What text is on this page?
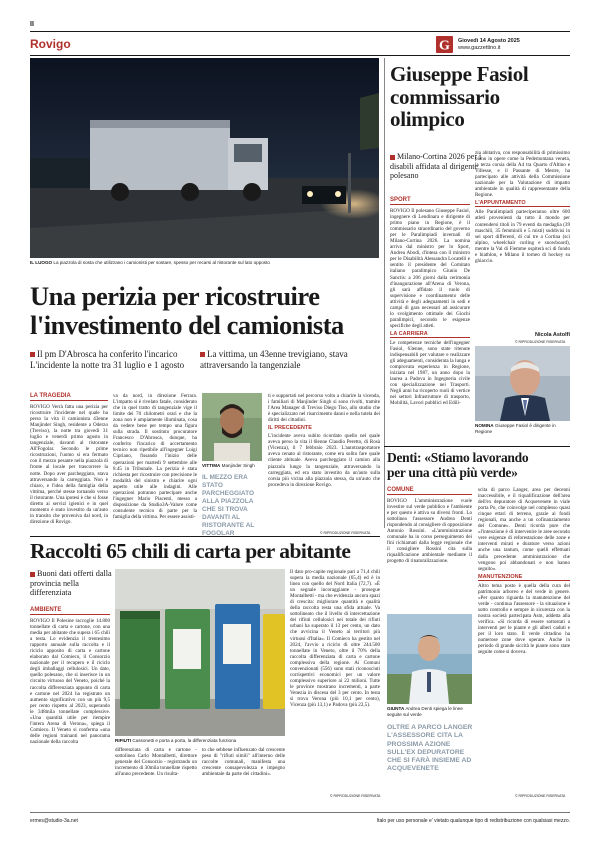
II
Rovigo	G Giovedì 14 Agosto 2025
www.gazzettino.it
IL LUOGO La piazzola di sosta che utilizzano i camionisti per sostare, spesso per recarsi al ristorante sul lato opposto
Una perizia per ricostruire
l'investimento del camionista
Il pm D'Abrosca ha conferito l'incarico L'incidente la notte tra 31 luglio e 1 agosto
La vittima, un 43enne trevigiano, stava attraversando la tangenziale
LA TRAGEDIA
ROVIGO Verrà fatta una perizia per ricostruire l'incidente nel quale ha perso la vita il camionista 43enne Manjinder Singh, residente a Oderzo (Treviso), la notte tra giovedì 31 luglio e venerdì primo agosto in tangenziale, davanti al ristorante All'Fogolar. Secondo le prime ricostruzioni, l'uomo si era fermato con il mezzo pesante nella piazzola di fronte al locale per trascorrere la notte. Dopo aver parcheggiato, stava attraversando la carreggiata. Non è chiaro, e l'idea della famiglia della vittima, perché stesse tornando verso il ristorante. Una ipotesi è che si fosse diretto ai servizi igienici e in quel momento è stato investito da un'auto in transito che proveniva dal nord, in direzione di Rovigo.
va da nord, in direzione Ferrara. L'impatto si è rivelato fatale, considerato che in quel tratto di tangenziale vige il limite dei 70 chilometri orari e che la zona non è ampiamente illuminata, cosa da vedere bene per tempo una figura sulla strada. Il sostituto procuratore Francesco D'Abrosca, dunque, ha conferito l'incarico di accertamento tecnico non ripetibile all'ingegner Luigi Cipriano, fissando l'inizio delle operazioni per martedì 9 settembre alle 8.45 in Tribunale. La perizia è stata richiesta per ricostruire con precisione le modalità del sinistro e chiarire ogni aspetto utile alle indagini. Alle operazioni potranno partecipare anche l'ingegner Mario Piacenti, messo a disposizione da Studio3A-Valore come consulente tecnico di parte per la famiglia della vittima. Per essere assisti-
VITTIMA Manjinder Singh
IL MEZZO ERA STATO PARCHEGGIATO ALLA PIAZZOLA CHE SI TROVA DAVANTI AL RISTORANTE AL FOGOLAR

ti e supportati nel percorso volto a chiarire la vicenda, i familiari di Manjinder Singh si sono rivolti, tramite l'Area Manager di Treviso Diego Tiso, allo studio che è specializzato nel risarcimento danni e nella tutela dei diritti dei cittadini.

IL PRECEDENTE

L'incidente aveva subito ricordato quello nel quale aveva perso la vita il 6lenne Claudio Peretto, di Rosà (Vicenza), il 7 febbraio 2023. L'autotrasportatore aveva cenato al ristorante, come era solito fare quale cliente abituale. Aveva parcheggiato il camion alla piazzola lungo la tangenziale, attraversando la carreggiata, ed era stato investito da un'auto sulla corsia più vicina alla piazzola stessa, da un'auto che procedeva in direzione Rovigo.

© RIPRODUZIONE RISERVATA
Giuseppe Fasiol
commissario
olimpico
Milano-Cortina 2026 per i disabili affidata al dirigente polesano
SPORT

ROVIGO Il polesano Giuseppe Fasiol, ingegnere di Lendinara e dirigente di primo piano in Regione, è il commissario straordinario del governo per le Paralimpiadi invernali di Milano-Cortina 2026. La nomina arriva dal ministro per lo Sport, Andrea Abodi, d'intesa con il ministro per le Disabilità Alessandra Locatelli e sentito il presidente del Comitato italiano paralimpico Giunio De Sanctis: a 206 giorni dalla cerimonia d'inaugurazione all'Arena di Verona, gli sarà affidato il ruolo di supervisione e coordinamento delle attività e degli adeguamenti in sedi e campi di gara necessari ad assicurare lo svolgimento ottimale dei Giochi paralimpici, secondo le esigenze specifiche degli atleti.

LA CARRIERA

Le competenze tecniche dell'ingegner Fasiol, 63enne, sono state ritenute indispensabili per valutare e realizzare gli adeguamenti, considerata la lunga e comprovata esperienza in Regione, iniziata nel 1987, un anno dopo la laurea a Padova in Ingegneria civile con specializzazione nei Trasporti. Negli anni ha ricoperto ruoli di vertice nei settori Infrastrutture di trasporto, Mobilità, Lavori pubblici ed Edili-

zia abitativa, con responsabilità di primissimo piano in opere come la Pedemontana veneta, la terza corsia della A4 tra Quarto d'Altino e Villesse, e il Passante di Mestre, ha partecipato alle attività della Commissione nazionale per la Valutazione di impatto ambientale in qualità di rappresentante della Regione.

L'APPUNTAMENTO

Alle Paralimpiadi parteciperanno oltre 600 atleti provenienti da tutto il mondo per contendersi titoli in 79 eventi da medaglia (39 maschili, 35 femminili e 5 misti) suddivisi in sei sport differenti, di cui tre a Cortina (sci alpino, wheelchair curling e snowboard), mentre la Val di Fiemme ospiterà sci di fondo e biathlon, e Milano il torneo di hockey su ghiaccio.

Nicola Astolfi
© RIPRODUZIONE RISERVATA
NOMINA Giuseppe Fasiol è dirigente in Regione
Denti: «Stiamo lavorando
per una città più verde»
COMUNE
ROVIGO L'amministrazione vuole investire sul verde pubblico e l'ambiente e per questo è attiva su diversi fronti. Lo sottolinea l'assessore Andrea Denti rispondendo al consigliere di opposizione Antonio Rossini. «L'amministrazione comunale ha in corso perseguimento dei fini richiamati dalla legge regionale che il consigliere Rossini cita sulla riqualificazione ambientale mediante il progetto di rinaturalizzazione.
GIUNTA Andrea Denti spiega le linee seguite sul verde
OLTRE A PARCO LANGER L'ASSESSORE CITA LA PROSSIMA AZIONE SULL'EX DEPURATORE CHE SI FARÀ INSIEME AD ACQUEVENETE

scita di parco Langer, area per decenni inaccessibile, e il riqualificazione dell'area dell'ex depuratore di Acquevenete in viale porta Po, che coinvolge nel complesso quasi cinque ettari di terreno, grazie ai fondi regionali, ma anche a un cofinanziamento del Comune». Denti ricorda pure che «l'intenzione è di intervenire le aree secondo vere esigenze di reforestazione delle zone e interventi mirati e durature verso azioni anche una tantum, come quelli effettuati dalla precedente amministrazione che vengono poi abbandonati e non hanno seguito».

MANUTENZIONE

Altro tema posto è quella della cura del patrimonio arboreo e del verde in genere. «Per quanto riguarda la manutenzione del verde - continua l'assessore - la situazione è sotto controllo e sempre in sicurezza con la nostra società partecipata Asm, addetta alla verifica. «Si ricorda di essere sottostati a interventi per le piante e gli alberi caduti e per il loro stato. Il verde cittadino ha numerose zone dove operare. Anche in periodo di grande siccità le piante sono state seguite come si doveva.

© RIPRODUZIONE RISERVATA
Raccolti 65 chili di carta per abitante
Buoni dati offerti dalla provincia nella differenziata
AMBIENTE
ROVIGO Il Polesine raccoglie 14.800 tonnellate di carta e cartone, con una media per abitante che supera i 65 chili a testa. Lo evidenzia il trentesimo rapporto annuale sulla raccolta e il riciclo apposito di carta e cartone elaborato dal Comieco, il Consorzio nazionale per il recupero e il riciclo degli imballaggi cellulosici. Un dato, quello polesano, che si inserisce in un circuito virtuoso del Veneto, poiché la raccolta differenziata appunto di carta e cartone nel 2024 ha registrato un aumento significativo con un più 9,5 per cento rispetto al 2023, superando le 348mila tonnellate complessive. «Una quantità utile per riempire l'intera Arena di Verona», spiega il Comieco. Il Veneto si conferma «una delle regioni trainanti nel panorama nazionale della raccolta	RIFIUTI Cassonetti e porta a porta, la differenziata funziona
differenziata di carta e cartone - sottolinea Carlo Montalbetti, direttore generale del Consorzio - registrando un incremento di 30mila tonnellate rispetto all'anno precedente. Un risulta-
to che sebbene influenzato dal crescente peso di "rifiuti simili" all'interno delle raccolte comunali, manifesta una crescente consapevolezza e impegno ambientale da parte dei cittadini».
Il dato pro-capite regionale pari a 71,4 chili supera la media nazionale (65,4) ed è in linea con quello del Nord Italia (72,7). «È un segnale incoraggiante - prosegue Montalbetti - ma che evidenzia ancora spazi di crescita: migliorare quantità e qualità della raccolta resta una sfida attuale. Va sottolineato che il livello di intercettazione dei rifiuti cellulosici nei totale dei rifiuti urbani ha superato il 13 per cento, un dato che avvicina il Veneto ai territori più virtuosi d'Italia». Il Comieco ha gestito nel 2024, l'avvio a riciclo di oltre 244.500 tonnellate in Veneto, oltre il 70% della raccolta differenziata di carta e cartone complessiva della regione. Ai Comuni convenzionati (556) sono stati riconosciuti corrispettivi economici per un valore complessivo superiore ai 22 milioni. Tutte le province mostrano incrementi, a parte Venezia in discesa del 3 per cento. In testa si trova Verona (più 10,1 per cento), Vicenza (più 13,1) e Padova (più 22,5).
© RIPRODUZIONE RISERVATA
ermes@studio-3a.net	Italo per uso personale e' vietato qualunque tipo di redistribuzione con qualsiasi mezzo.
